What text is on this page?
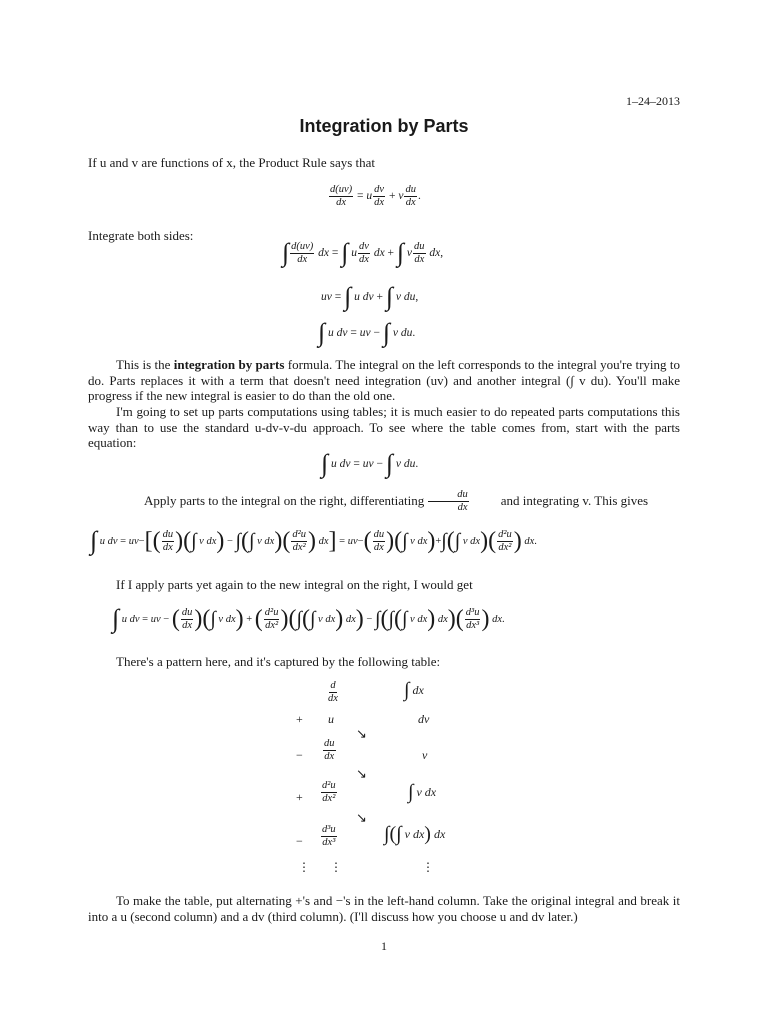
1–24–2013
Integration by Parts
If u and v are functions of x, the Product Rule says that
$\frac{d(uv)}{dx} = u \frac{dv}{dx} + v \frac{du}{dx}$ .
Integrate both sides:
∫ $\frac{d(uv)}{dx}$ dx = ∫ u $\frac{dv}{dx}$ dx + ∫ v $\frac{du}{dx}$ dx ,
uv = ∫ u dv + ∫ v du ,
∫ u dv = uv − ∫ v du .
This is the integration by parts formula. The integral on the left corresponds to the integral you're trying to do. Parts replaces it with a term that doesn't need integration (uv) and another integral (∫ v du). You'll make progress if the new integral is easier to do than the old one.
I'm going to set up parts computations using tables; it is much easier to do repeated parts computations this way than to use the standard u-dv-v-du approach. To see where the table comes from, start with the parts equation:
∫ u dv = uv − ∫ v du .
Apply parts to the integral on the right, differentiating $\frac{du}{dx}$	and integrating v. This gives
∫ u dv = uv − [ ( $\frac{du}{dx}$ ) ( ∫ v dx ) − ∫ ( ∫ v dx ) ( $\frac{\text{d²u}}{\text{dx²}}$ ) dx ] = uv − ( $\frac{du}{dx}$ ) ( ∫ v dx ) + ∫ ( ∫ v dx ) ( $\frac{\text{d²u}}{\text{dx²}}$ ) dx .
If I apply parts yet again to the new integral on the right, I would get
∫ u dv = uv − ( $\frac{du}{dx}$ ) ( ∫ v dx ) + ( $\frac{\text{d²u}}{\text{dx²}}$ ) ( ∫ ( ∫ v dx ) dx ) − ∫ ( ∫ ( ∫ v dx ) dx ) ( $\frac{\text{d³u}}{\text{dx³}}$ ) dx .
There's a pattern here, and it's captured by the following table:
$\frac{d}{dx}$	∫ dx
+ u	dv
↘
− $\frac{du}{dx}$	v
↘
+ $\frac{\text{d²u}}{\text{dx²}}$	∫ v dx
↘
− $\frac{\text{d³u}}{\text{dx³}}$ ∫ ( ∫ v dx ) dx
⋮ ⋮	⋮
To make the table, put alternating +'s and −'s in the left-hand column. Take the original integral and break it into a u (second column) and a dv (third column). (I'll discuss how you choose u and dv later.)
1
